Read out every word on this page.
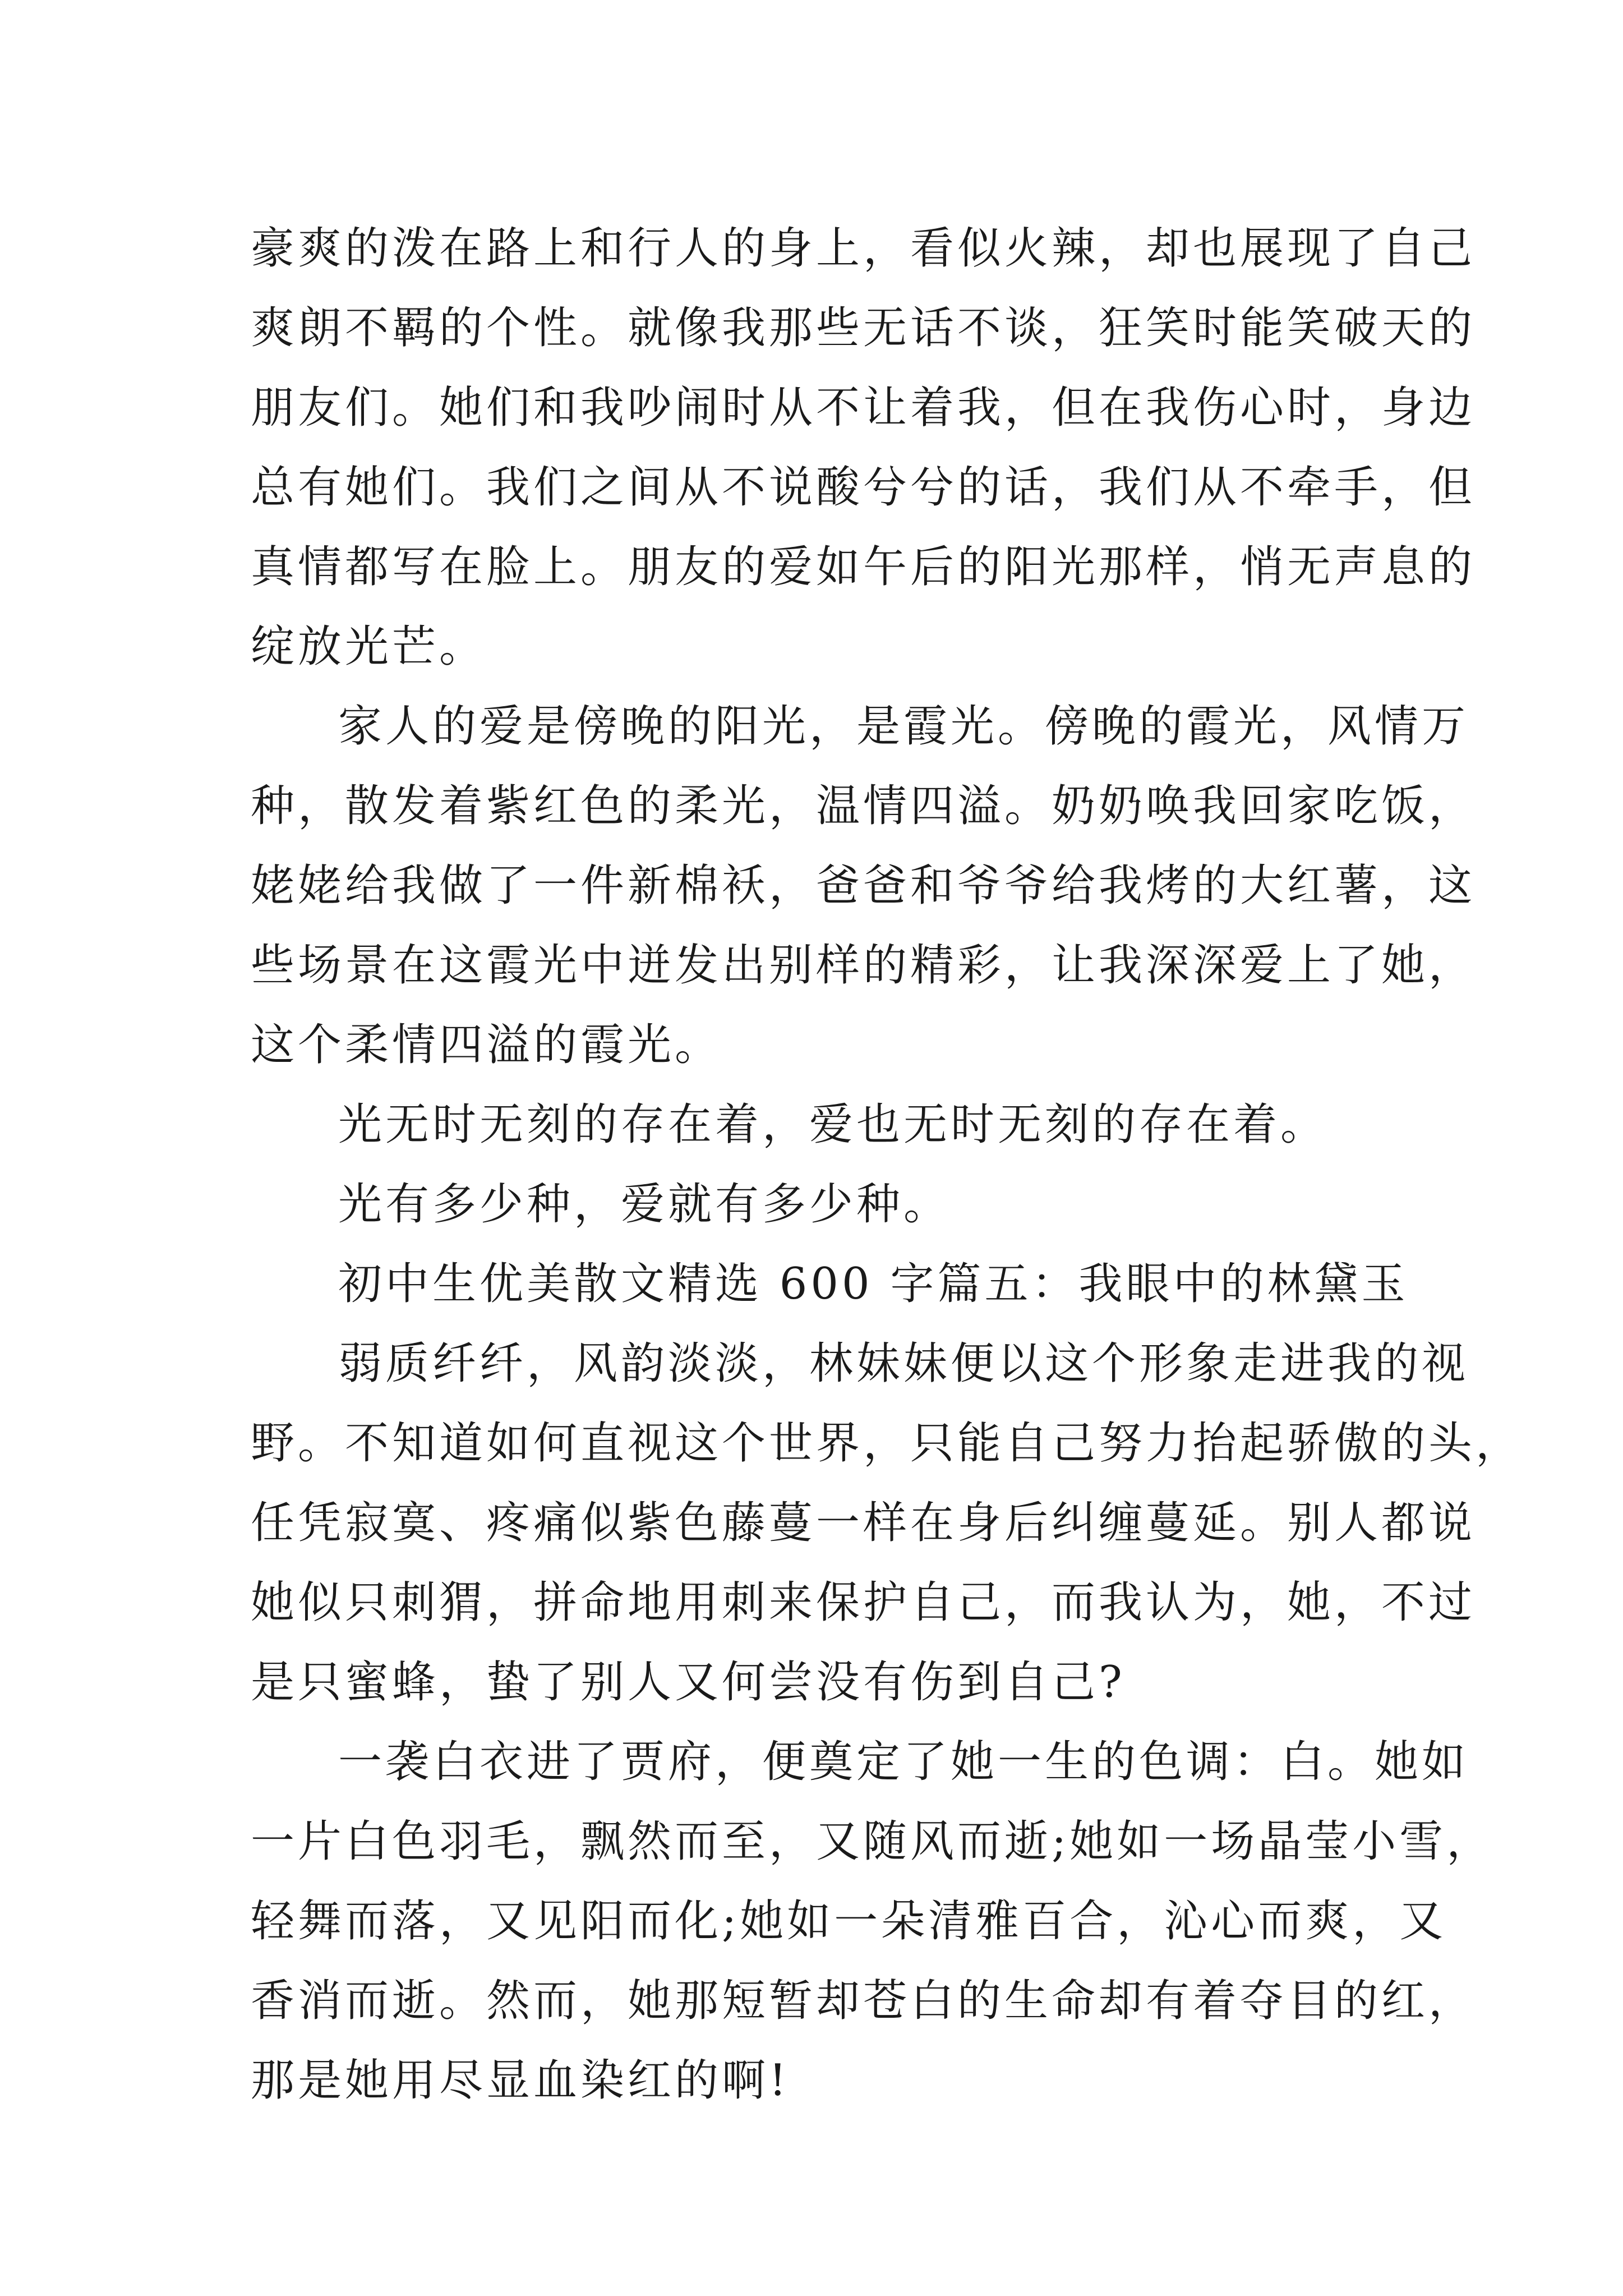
豪爽的泼在路上和行人的身上，看似火辣，却也展现了自己
爽朗不羁的个性。就像我那些无话不谈，狂笑时能笑破天的
朋友们。她们和我吵闹时从不让着我，但在我伤心时，身边
总有她们。我们之间从不说酸兮兮的话，我们从不牵手，但
真情都写在脸上。朋友的爱如午后的阳光那样，悄无声息的
绽放光芒。
家人的爱是傍晚的阳光，是霞光。傍晚的霞光，风情万
种，散发着紫红色的柔光，温情四溢。奶奶唤我回家吃饭，
姥姥给我做了一件新棉袄，爸爸和爷爷给我烤的大红薯，这
些场景在这霞光中迸发出别样的精彩，让我深深爱上了她，
这个柔情四溢的霞光。
光无时无刻的存在着，爱也无时无刻的存在着。
光有多少种，爱就有多少种。
初中生优美散文精选 600 字篇五：我眼中的林黛玉
弱质纤纤，风韵淡淡，林妹妹便以这个形象走进我的视
野。不知道如何直视这个世界，只能自己努力抬起骄傲的头，
任凭寂寞、疼痛似紫色藤蔓一样在身后纠缠蔓延。别人都说
她似只刺猬，拼命地用刺来保护自己，而我认为，她，不过
是只蜜蜂，蛰了别人又何尝没有伤到自己?
一袭白衣进了贾府，便奠定了她一生的色调：白。她如
一片白色羽毛，飘然而至，又随风而逝;她如一场晶莹小雪，
轻舞而落，又见阳而化;她如一朵清雅百合，沁心而爽，又
香消而逝。然而，她那短暂却苍白的生命却有着夺目的红，
那是她用尽显血染红的啊!
